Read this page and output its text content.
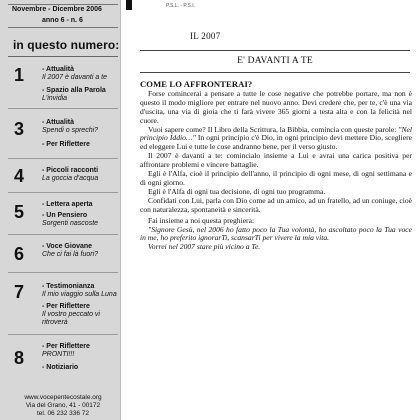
Novembre - Dicembre 2006
anno 6 - n. 6
in questo numero:
1	- Attualità
Il 2007 è davanti a te
- Spazio alla Parola
L'invidia
3	- Attualità
Spendi o sprechi?
- Per Riflettere
4	- Piccoli racconti
La goccia d'acqua
5	- Lettera aperta
- Un Pensiero
Sorgenti nascoste
6	- Voce Giovane
Che ci fai là fuori?
7	- Testimonianza
Il mio viaggio sulla Luna
- Per Riflettere
Il vostro peccato vi ritroverà
8
- Per Riflettere
PRONTI!!!
- Notiziario
www.vocepentecostale.org
Via del Grano, 41 - 00172
tel. 06 232 336 72
P.S.L. - P.S.I.
IL 2007
E' DAVANTI A TE
COME LO AFFRONTERAI?

Forse comincerai a pensare a tutte le cose negative che potrebbe portare, ma non è questo il modo migliore per entrare nel nuovo anno. Devi credere che, per te, c'è una via d'uscita, una via di gioia che ti farà vivere 365 giorni a testa alta e con la felicità nel cuore.

Vuoi sapere come? Il Libro della Scrittura, la Bibbia, comincia con queste parole: "Nel principio Iddio…" In ogni principio c'è Dio, in ogni principio devi mettere Dio, scegliere ed eleggere Lui e tutte le cose andranno bene, per il verso giusto.

Il 2007 è davanti a te: comincialo insieme a Lui e avrai una carica positiva per affrontare problemi e vincere battaglie.

Egli è l'Alfa, cioè il principio dell'anno, il principio di ogni mese, di ogni settimana e di ogni giorno.

Egli è l'Alfa di ogni tua decisione, di ogni tuo programma.

Confidati con Lui, parla con Dio come ad un amico, ad un fratello, ad un coniuge, cioè con naturalezza, spontaneità e sincerità.

Fai insieme a noi questa preghiera:

"Signore Gesù, nel 2006 ho fatto poco la Tua volontà, ho ascoltato poco la Tua voce in me, ho preferito ignorarTi, scansarTi per vivere la mia vita.

Vorrei nel 2007 stare più vicino a Te.
